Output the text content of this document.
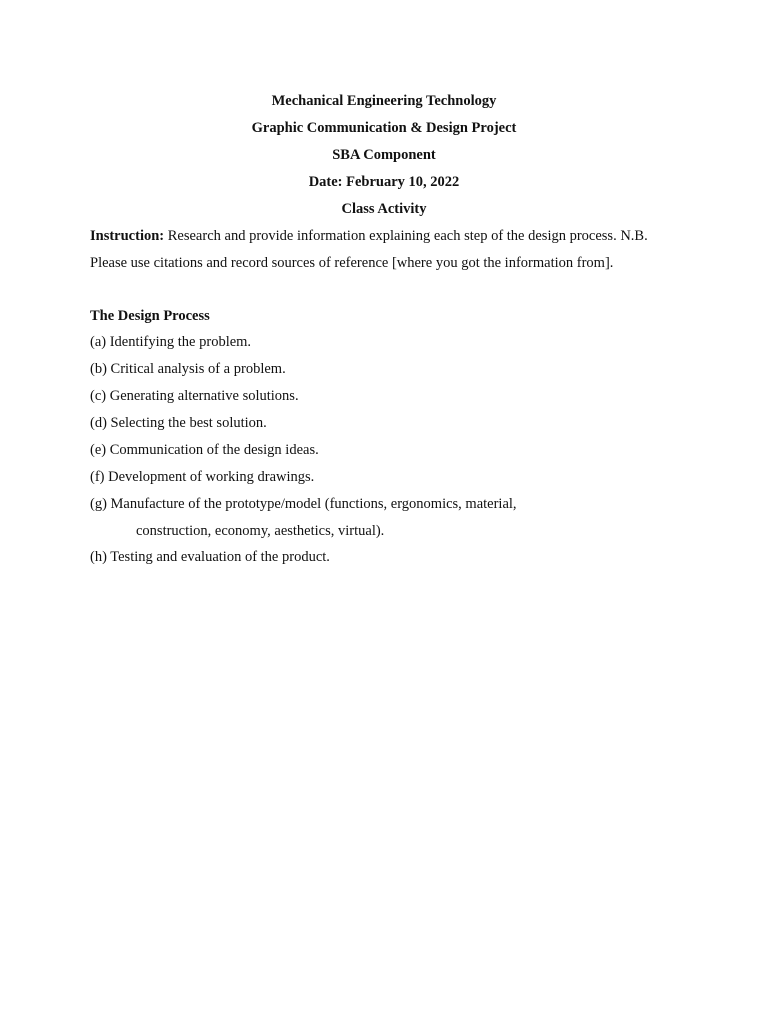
Mechanical Engineering Technology
Graphic Communication & Design Project
SBA Component
Date: February 10, 2022
Class Activity
Instruction: Research and provide information explaining each step of the design process. N.B.
Please use citations and record sources of reference [where you got the information from].
The Design Process
(a) Identifying the problem.
(b) Critical analysis of a problem.
(c) Generating alternative solutions.
(d) Selecting the best solution.
(e) Communication of the design ideas.
(f) Development of working drawings.
(g) Manufacture of the prototype/model (functions, ergonomics, material,
construction, economy, aesthetics, virtual).
(h) Testing and evaluation of the product.
